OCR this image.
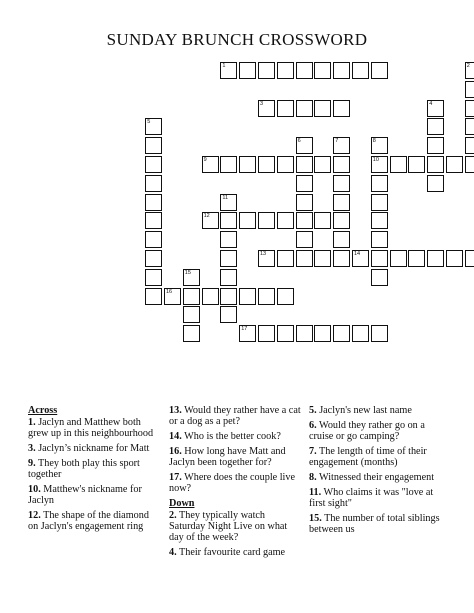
SUNDAY BRUNCH CROSSWORD
1	2
3	4
5
6	7	8
10
9
11
12
13	14
15
16
17
Across
1. Jaclyn and Matthew both grew up in this neighbourhood
3. Jaclyn’s nickname for Matt
9. They both play this sport together
10. Matthew's nickname for Jaclyn
12. The shape of the diamond on Jaclyn's engagement ring
13. Would they rather have a cat or a dog as a pet?
14. Who is the better cook?
16. How long have Matt and Jaclyn been together for?
17. Where does the couple live now?
Down
2. They typically watch Saturday Night Live on what day of the week?
4. Their favourite card game
5. Jaclyn's new last name
6. Would they rather go on a cruise or go camping?
7. The length of time of their engagement (months)
8. Witnessed their engagement
11. Who claims it was "love at first sight"
15. The number of total siblings between us
